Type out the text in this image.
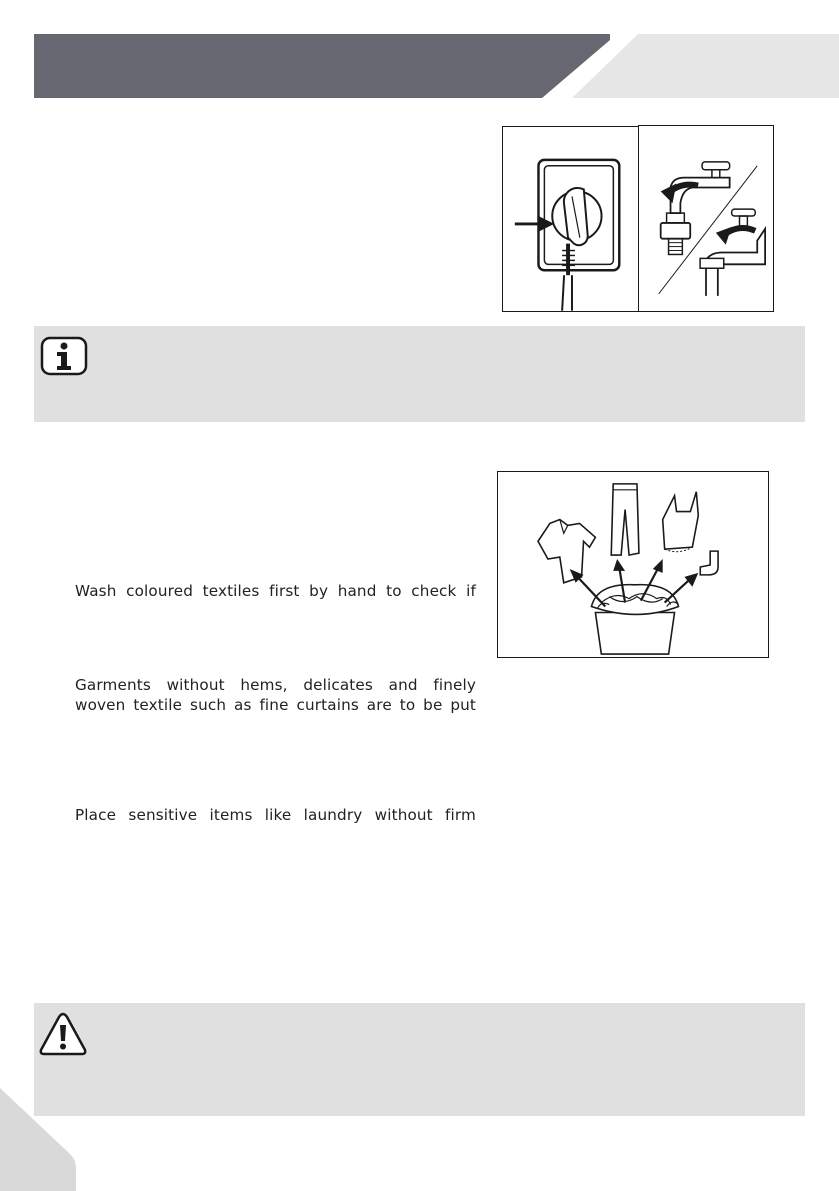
Wash coloured textiles first by hand to check if
Garments without hems, delicates and finely
woven textile such as fine curtains are to be put
Place sensitive items like laundry without firm
